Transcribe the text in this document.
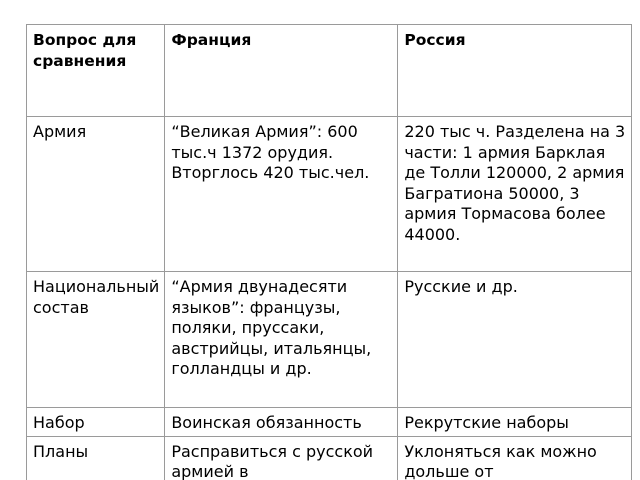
Вопрос для сравнения	Франция	Россия

Армия	“Великая Армия”: 600 тыс.ч 1372 орудия. Вторглось 420 тыс.чел.	220 тыс ч. Разделена на 3 части: 1 армия Барклая де Толли 120000, 2 армия Багратиона 50000, 3 армия Тормасова более 44000.

Национальный состав	“Армия двунадесяти языков”: французы, поляки, пруссаки, австрийцы, итальянцы, голландцы и др.	Русские и др.

Набор	Воинская обязанность	Рекрутские наборы

Планы	Расправиться с русской армией в	Уклоняться как можно дольше от
